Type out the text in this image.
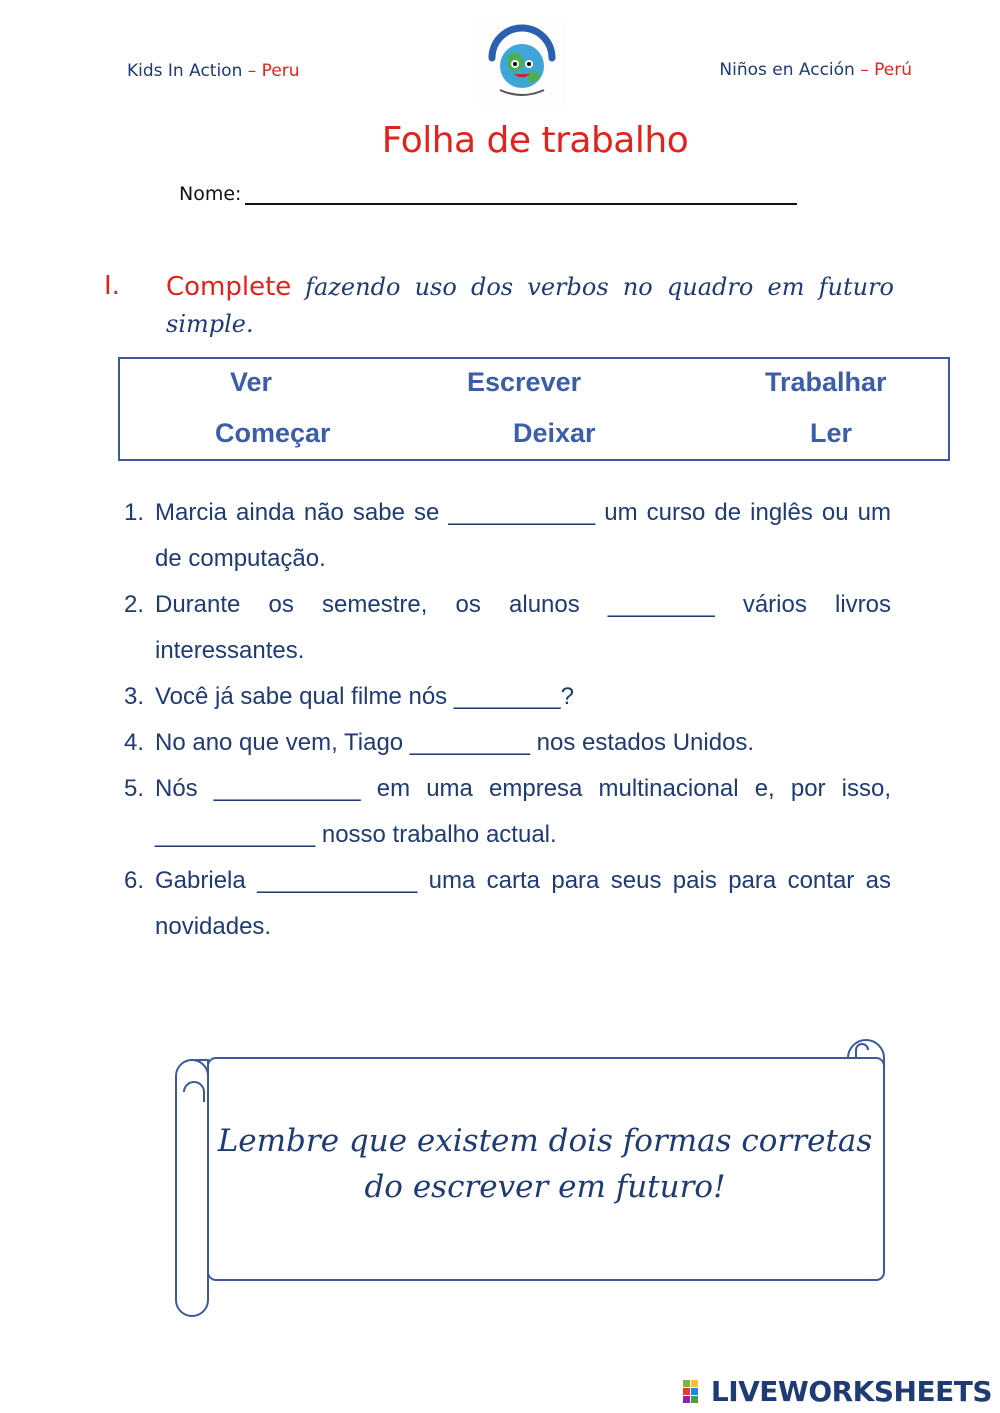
Kids In Action – Peru	Niños en Acción – Perú
Folha de trabalho
Nome:
I. Complete fazendo uso dos verbos no quadro em futuro simple.
Ver	Escrever	Trabalhar
Começar	Deixar	Ler
1. Marcia ainda não sabe se ___________ um curso de inglês ou um de computação.
2. Durante os semestre, os alunos ________ vários livros interessantes.
3. Você já sabe qual filme nós ________?
4. No ano que vem, Tiago _________ nos estados Unidos.
5. Nós ___________ em uma empresa multinacional e, por isso, ____________ nosso trabalho actual.
6. Gabriela ____________ uma carta para seus pais para contar as novidades.
Lembre que existem dois formas corretas
do escrever em futuro!
LIVEWORKSHEETS
